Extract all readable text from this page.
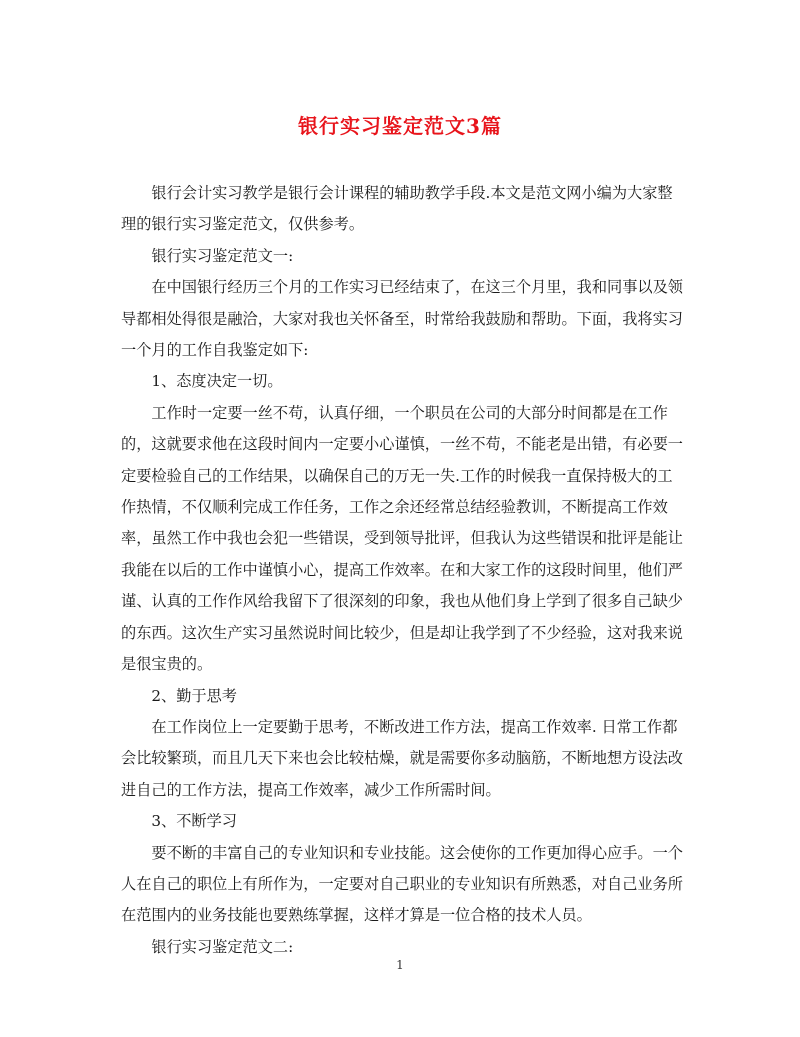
银行实习鉴定范文3篇

银行会计实习教学是银行会计课程的辅助教学手段.本文是范文网小编为大家整理的银行实习鉴定范文，仅供参考。

银行实习鉴定范文一:

在中国银行经历三个月的工作实习已经结束了，在这三个月里，我和同事以及领导都相处得很是融洽，大家对我也关怀备至，时常给我鼓励和帮助。下面，我将实习一个月的工作自我鉴定如下:

1、态度决定一切。

工作时一定要一丝不苟，认真仔细，一个职员在公司的大部分时间都是在工作的，这就要求他在这段时间内一定要小心谨慎，一丝不苟，不能老是出错，有必要一定要检验自己的工作结果，以确保自己的万无一失.工作的时候我一直保持极大的工作热情，不仅顺利完成工作任务，工作之余还经常总结经验教训，不断提高工作效率，虽然工作中我也会犯一些错误，受到领导批评，但我认为这些错误和批评是能让我能在以后的工作中谨慎小心，提高工作效率。在和大家工作的这段时间里，他们严谨、认真的工作作风给我留下了很深刻的印象，我也从他们身上学到了很多自己缺少的东西。这次生产实习虽然说时间比较少，但是却让我学到了不少经验，这对我来说是很宝贵的。

2、勤于思考

在工作岗位上一定要勤于思考，不断改进工作方法，提高工作效率. 日常工作都会比较繁琐，而且几天下来也会比较枯燥，就是需要你多动脑筋，不断地想方设法改进自己的工作方法，提高工作效率，减少工作所需时间。

3、不断学习

要不断的丰富自己的专业知识和专业技能。这会使你的工作更加得心应手。一个人在自己的职位上有所作为，一定要对自己职业的专业知识有所熟悉，对自己业务所在范围内的业务技能也要熟练掌握，这样才算是一位合格的技术人员。

银行实习鉴定范文二:

1
